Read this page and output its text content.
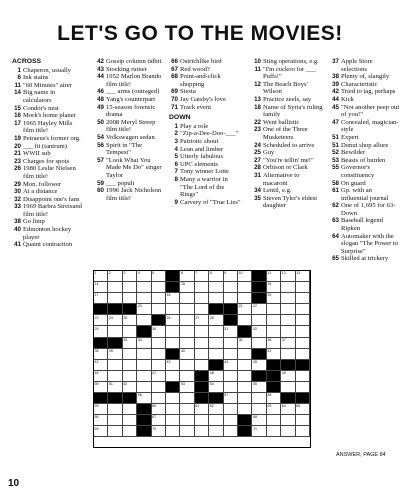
LET'S GO TO THE MOVIES!
ACROSS
1 Chaperon, usually
6 Ink stains
11 "60 Minutes" airer
14 Big name in calculators
15 Condor's nest
16 Mork's home planet
17 1965 Hayley Mills film title!
19 Petraeus's former org.
20 ___ fit (tantrum)
21 WWII sub
23 Charges for spots
26 1980 Leslie Nielsen film title!
29 Mon. follower
30 At a distance
32 Disappoint one's fans
33 1969 Barbra Streisand film title!
38 Go limp
40 Edmonton hockey player
41 Quaint contraction
42 Gossip column tidbit
43 Stocking ruiner
44 1952 Marlon Brando film title!
46 ___ arms (outraged)
48 Yang's counterpart
49 15-season forensic drama
50 2008 Meryl Streep film title!
54 Volkswagen sedan
56 Spirit in "The Tempest"
57 "Look What You Made Me Do" singer Taylor
59 ___ populi
60 1996 Jack Nicholson film title!
66 Ostrichlike bird
67 Red wood?
68 Point-and-click shopping
69 Siesta
70 Jay Gatsby's love
71 Track event
DOWN
1 Play a role
2 "Zip-a-Dee-Doo-___"
3 Patriotic shout
4 Lean and limber
5 Utterly fabulous
6 UPC elements
7 Tony winner Lotte
8 Many a warrior in "The Lord of the Rings"
9 Carvery of "True Lies"
10 Sting operations, e.g.
11 "I'm cuckoo for ___ Puffs!"
12 The Beach Boys' Wilson
13 Practice zeels, say
18 Name of Syria's ruling family
22 Went ballistic
23 One of the Three Musketeers
24 Scheduled to arrive
25 Guy
27 "You're tellin' me!"
28 Orbison or Clark
31 Alternative to macaroni
34 Lentil, e.g.
35 Steven Tyler's eldest daughter
37 Apple Store selections
38 Plenty of, slangily
39 Characteristic
42 Tried to tag, perhaps
44 Kick
45 "Not another peep out of you!"
47 Concealed, magician-style
51 Expert
51 Donut shop allure
52 Bewilder
53 Beasts of burden
55 Governor's constituency
58 On guard
61 Gp. with an influential journal
62 One of 1,695 for 63-Down
63 Baseball legend Ripken
64 Automaker with the slogan "The Power to Surprise"
65 Skilled at trickery
1	2	3	4	5	6	7	8	9	10	11	12	13
14	15	16
17	18	19
20	21	22
23	24	25	26	27	28
29	30	31	32
33	34	35	36	37
38	39	40	41
42	43	44	45
46	47	48	49
50	51	52	53	54	55
56	57	58
59	60	61	62	63	64	65
66	67	68
69	70	71
ANSWER, PAGE 84
10
